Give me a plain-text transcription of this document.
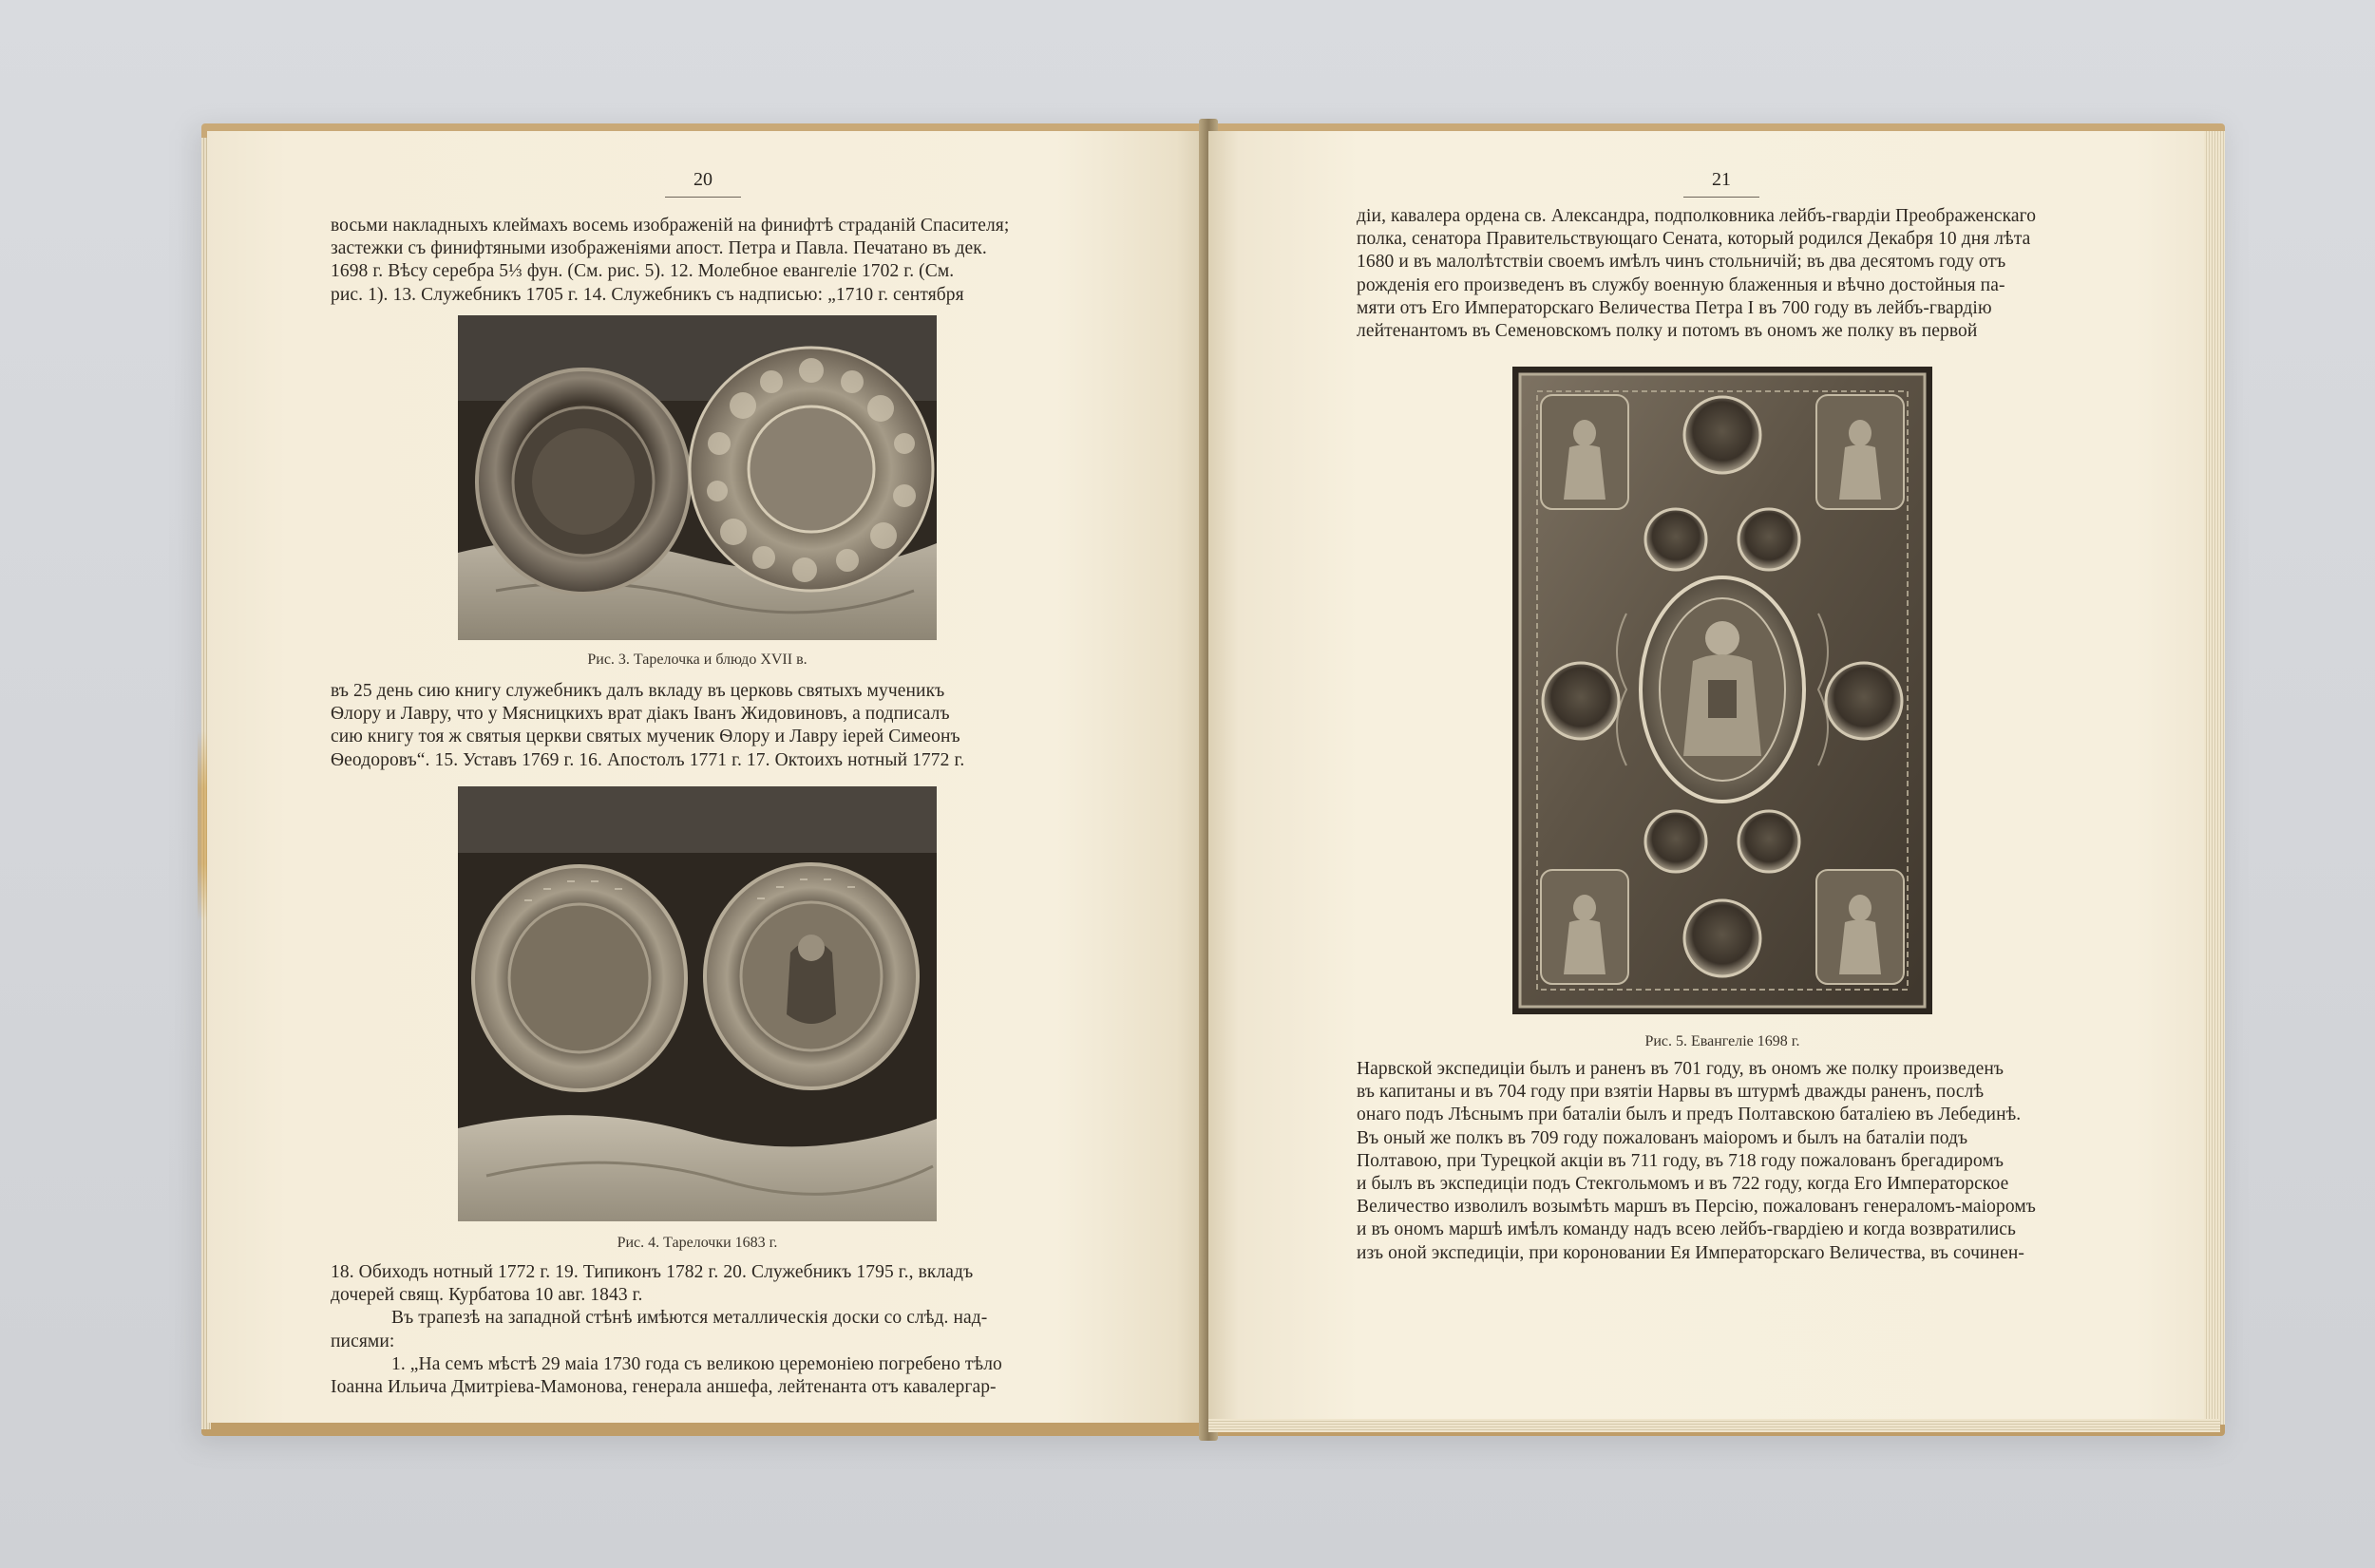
20
восьми накладныхъ клеймахъ восемь изображеній на финифтѣ страданій Спасителя;
застежки съ финифтяными изображеніями апост. Петра и Павла. Печатано въ дек.
1698 г. Вѣсу серебра 5⅓ фун. (См. рис. 5). 12. Молебное евангеліе 1702 г. (См.
рис. 1). 13. Служебникъ 1705 г. 14. Служебникъ съ надписью: „1710 г. сентября
Рис. 3. Тарелочка и блюдо XVII в.
въ 25 день сию книгу служебникъ далъ вкладу въ церковь святыхъ мученикъ
Ѳлору и Лавру, что у Мясницкихъ врат діакъ Іванъ Жидовиновъ, а подписалъ
сию книгу тоя ж святыя церкви святых мученик Ѳлору и Лавру іерей Симеонъ
Ѳеодоровъ“. 15. Уставъ 1769 г. 16. Апостолъ 1771 г. 17. Октоихъ нотный 1772 г.
Рис. 4. Тарелочки 1683 г.
18. Обиходъ нотный 1772 г. 19. Типиконъ 1782 г. 20. Служебникъ 1795 г., вкладъ
дочерей свящ. Курбатова 10 авг. 1843 г.
Въ трапезѣ на западной стѣнѣ имѣются металлическія доски со слѣд. над-
писями:
1. „На семъ мѣстѣ 29 маіа 1730 года съ великою церемоніею погребено тѣло
Іоанна Ильича Дмитріева-Мамонова, генерала аншефа, лейтенанта отъ кавалергар-
21
діи, кавалера ордена св. Александра, подполковника лейбъ-гвардіи Преображенскаго
полка, сенатора Правительствующаго Сената, который родился Декабря 10 дня лѣта
1680 и въ малолѣтствіи своемъ имѣлъ чинъ стольничій; въ два десятомъ году отъ
рожденія его произведенъ въ службу военную блаженныя и вѣчно достойныя па-
мяти отъ Его Императорскаго Величества Петра I въ 700 году въ лейбъ-гвардію
лейтенантомъ въ Семеновскомъ полку и потомъ въ ономъ же полку въ первой
Рис. 5. Евангеліе 1698 г.
Нарвской экспедиціи былъ и раненъ въ 701 году, въ ономъ же полку произведенъ
въ капитаны и въ 704 году при взятіи Нарвы въ штурмѣ дважды раненъ, послѣ
онаго подъ Лѣснымъ при баталіи былъ и предъ Полтавскою баталіею въ Лебединѣ.
Въ оный же полкъ въ 709 году пожалованъ маіоромъ и былъ на баталіи подъ
Полтавою, при Турецкой акціи въ 711 году, въ 718 году пожалованъ брегадиромъ
и былъ въ экспедиціи подъ Стекгольмомъ и въ 722 году, когда Его Императорское
Величество изволилъ возымѣть маршъ въ Персію, пожалованъ генераломъ-маіоромъ
и въ ономъ маршѣ имѣлъ команду надъ всею лейбъ-гвардіею и когда возвратились
изъ оной экспедиціи, при короновании Ея Императорскаго Величества, въ сочинен-
